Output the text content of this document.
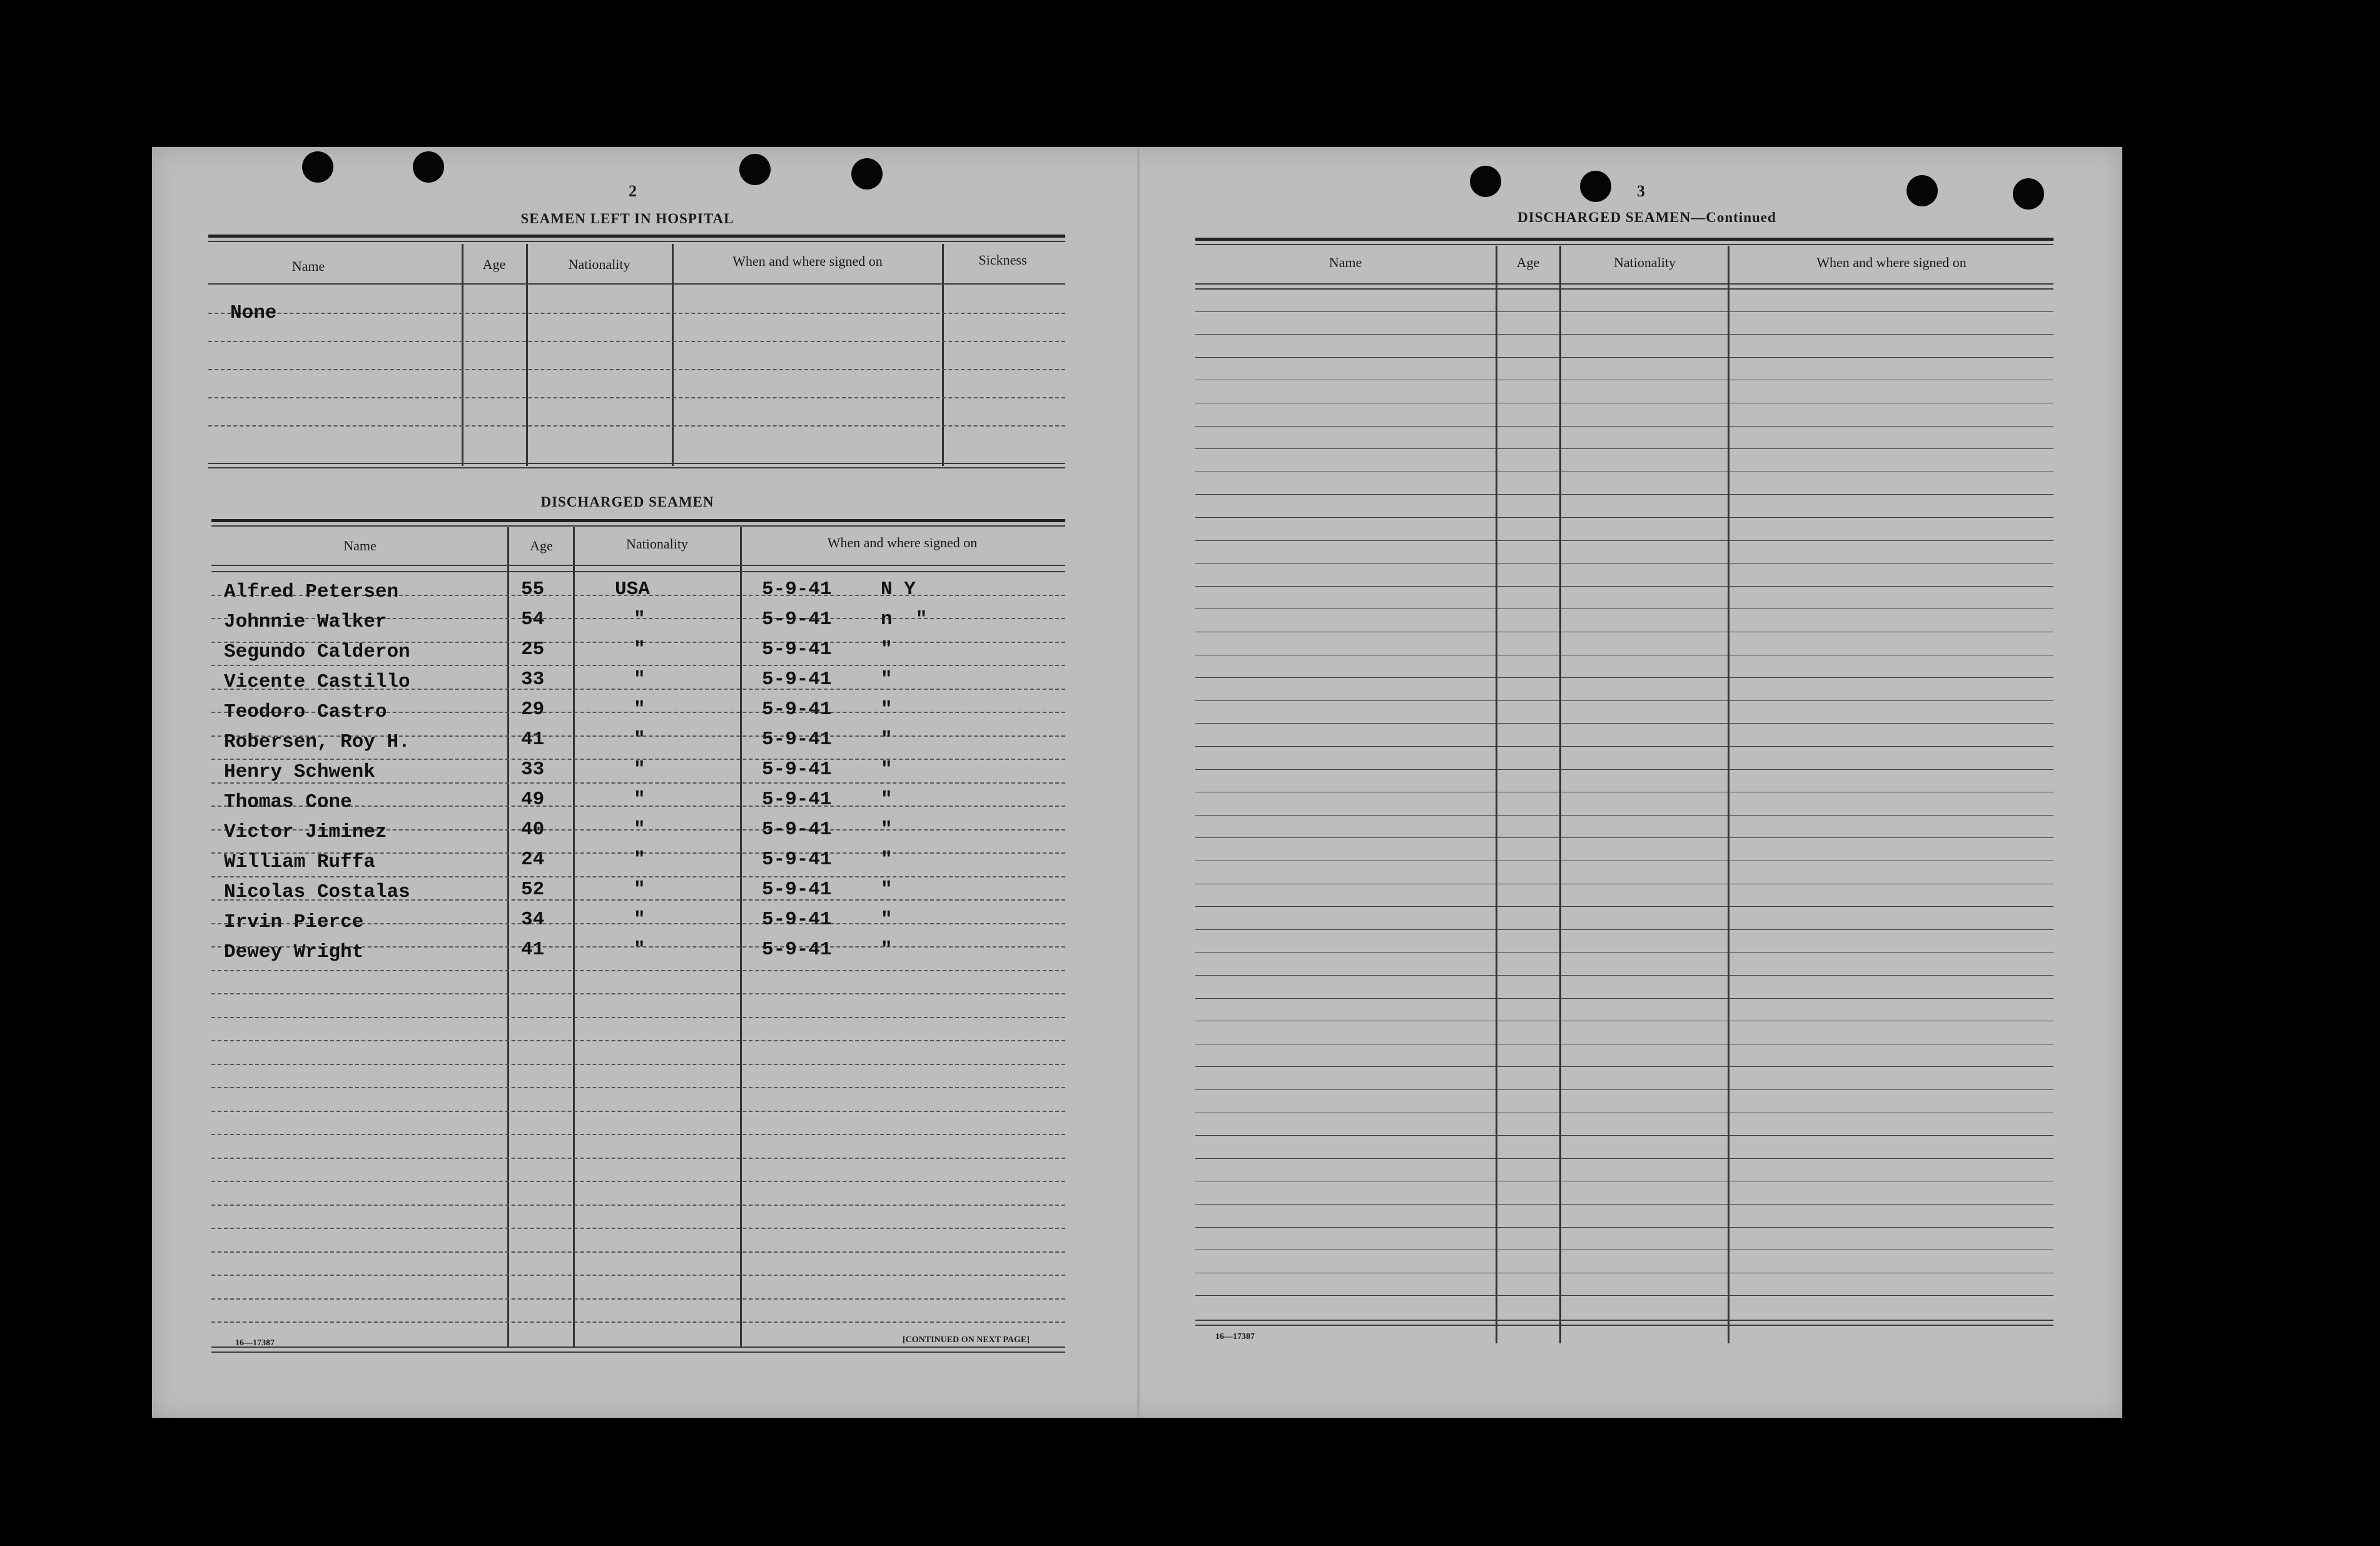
2
SEAMEN LEFT IN HOSPITAL
Name	Age	Nationality	When and where signed on	Sickness
None
DISCHARGED SEAMEN
Name	Age	Nationality	When and where signed on
Alfred Petersen	55	USA	5-9-41	N Y
Johnnie Walker	54	"	5-9-41	n  "
Segundo Calderon	25	"	5-9-41	"
Vicente Castillo	33	"	5-9-41	"
Teodoro Castro	29	"	5-9-41	"
Robersen, Roy H.	41	"	5-9-41	"
Henry Schwenk	33	"	5-9-41	"
Thomas Cone	49	"	5-9-41	"
Victor Jiminez	40	"	5-9-41	"
William Ruffa	24	"	5-9-41	"
Nicolas Costalas	52	"	5-9-41	"
Irvin Pierce	34	"	5-9-41	"
Dewey Wright	41	"	5-9-41	"
16—17387	[CONTINUED ON NEXT PAGE]
3
DISCHARGED SEAMEN—Continued
Name	Age	Nationality	When and where signed on
16—17387
